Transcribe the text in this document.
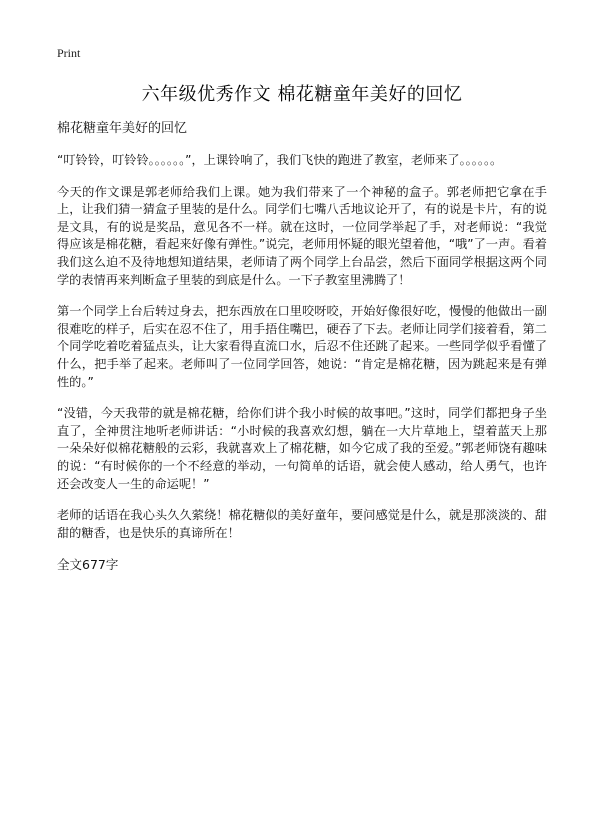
Print
六年级优秀作文 棉花糖童年美好的回忆

棉花糖童年美好的回忆

“叮铃铃，叮铃铃。。。。。。”，上课铃响了，我们飞快的跑进了教室，老师来了。。。。。。

今天的作文课是郭老师给我们上课。她为我们带来了一个神秘的盒子。郭老师把它拿在手上，让我们猜一猜盒子里装的是什么。同学们七嘴八舌地议论开了，有的说是卡片，有的说是文具，有的说是奖品，意见各不一样。就在这时，一位同学举起了手，对老师说：“我觉得应该是棉花糖，看起来好像有弹性。”说完，老师用怀疑的眼光望着他，“哦”了一声。看着我们这么迫不及待地想知道结果，老师请了两个同学上台品尝，然后下面同学根据这两个同学的表情再来判断盒子里装的到底是什么。一下子教室里沸腾了！

第一个同学上台后转过身去，把东西放在口里咬呀咬，开始好像很好吃，慢慢的他做出一副很难吃的样子，后实在忍不住了，用手捂住嘴巴，硬吞了下去。老师让同学们接着看，第二个同学吃着吃着猛点头，让大家看得直流口水，后忍不住还跳了起来。一些同学似乎看懂了什么，把手举了起来。老师叫了一位同学回答，她说：“肯定是棉花糖，因为跳起来是有弹性的。”

“没错，今天我带的就是棉花糖，给你们讲个我小时候的故事吧。”这时，同学们都把身子坐直了，全神贯注地听老师讲话：“小时候的我喜欢幻想，躺在一大片草地上，望着蓝天上那一朵朵好似棉花糖般的云彩，我就喜欢上了棉花糖，如今它成了我的至爱。”郭老师饶有趣味的说：“有时候你的一个不经意的举动，一句简单的话语，就会使人感动，给人勇气，也许还会改变人一生的命运呢！”

老师的话语在我心头久久萦绕！棉花糖似的美好童年，要问感觉是什么，就是那淡淡的、甜甜的糖香，也是快乐的真谛所在！

全文677字
